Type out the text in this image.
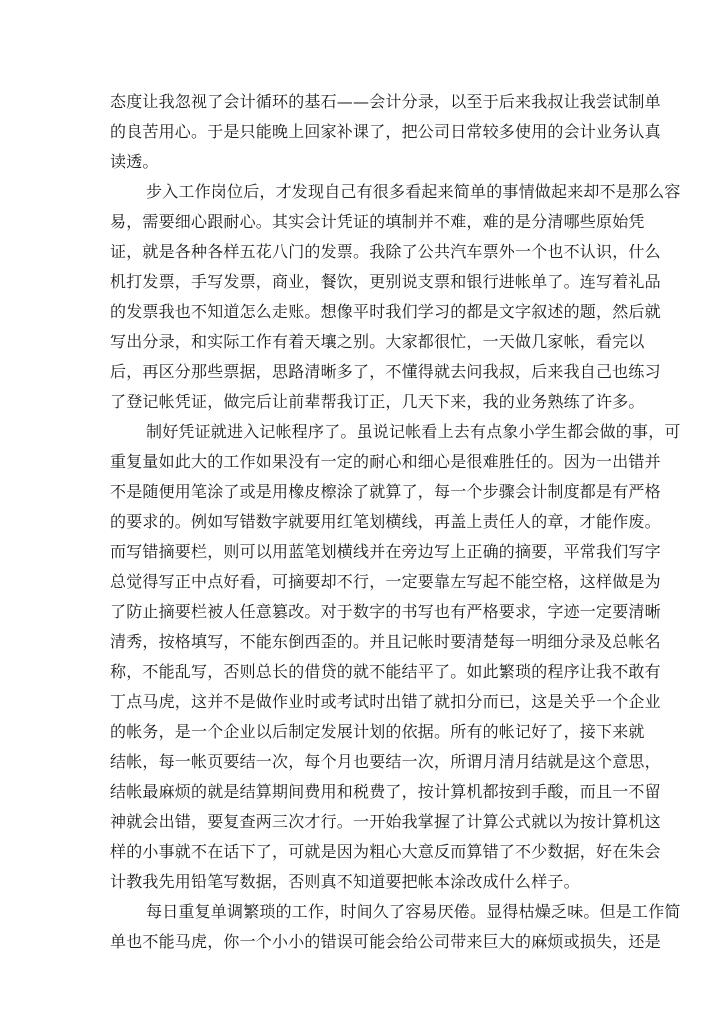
态度让我忽视了会计循环的基石——会计分录，以至于后来我叔让我尝试制单
的良苦用心。于是只能晚上回家补课了，把公司日常较多使用的会计业务认真
读透。
步入工作岗位后，才发现自己有很多看起来简单的事情做起来却不是那么容
易，需要细心跟耐心。其实会计凭证的填制并不难，难的是分清哪些原始凭
证，就是各种各样五花八门的发票。我除了公共汽车票外一个也不认识，什么
机打发票，手写发票，商业，餐饮，更别说支票和银行进帐单了。连写着礼品
的发票我也不知道怎么走账。想像平时我们学习的都是文字叙述的题，然后就
写出分录，和实际工作有着天壤之别。大家都很忙，一天做几家帐，看完以
后，再区分那些票据，思路清晰多了，不懂得就去问我叔，后来我自己也练习
了登记帐凭证，做完后让前辈帮我订正，几天下来，我的业务熟练了许多。
制好凭证就进入记帐程序了。虽说记帐看上去有点象小学生都会做的事，可
重复量如此大的工作如果没有一定的耐心和细心是很难胜任的。因为一出错并
不是随便用笔涂了或是用橡皮檫涂了就算了，每一个步骤会计制度都是有严格
的要求的。例如写错数字就要用红笔划横线，再盖上责任人的章，才能作废。
而写错摘要栏，则可以用蓝笔划横线并在旁边写上正确的摘要，平常我们写字
总觉得写正中点好看，可摘要却不行，一定要靠左写起不能空格，这样做是为
了防止摘要栏被人任意篡改。对于数字的书写也有严格要求，字迹一定要清晰
清秀，按格填写，不能东倒西歪的。并且记帐时要清楚每一明细分录及总帐名
称，不能乱写，否则总长的借贷的就不能结平了。如此繁琐的程序让我不敢有
丁点马虎，这并不是做作业时或考试时出错了就扣分而已，这是关乎一个企业
的帐务，是一个企业以后制定发展计划的依据。所有的帐记好了，接下来就
结帐，每一帐页要结一次，每个月也要结一次，所谓月清月结就是这个意思，
结帐最麻烦的就是结算期间费用和税费了，按计算机都按到手酸，而且一不留
神就会出错，要复查两三次才行。一开始我掌握了计算公式就以为按计算机这
样的小事就不在话下了，可就是因为粗心大意反而算错了不少数据，好在朱会
计教我先用铅笔写数据，否则真不知道要把帐本涂改成什么样子。
每日重复单调繁琐的工作，时间久了容易厌倦。显得枯燥乏味。但是工作简
单也不能马虎，你一个小小的错误可能会给公司带来巨大的麻烦或损失，还是
